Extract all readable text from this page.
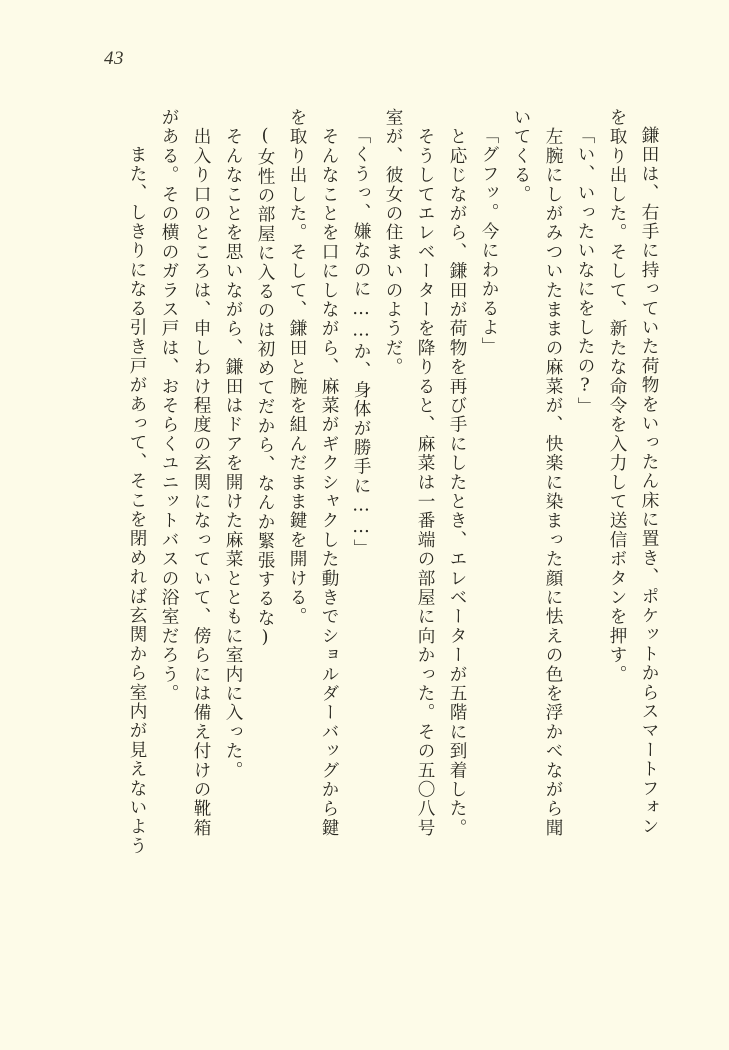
43
鎌田は、右手に持っていた荷物をいったん床に置き、ポケットからスマートフォン
を取り出した。そして、新たな命令を入力して送信ボタンを押す。
「い、いったいなにをしたの?」
　左腕にしがみついたままの麻菜が、快楽に染まった顔に怯えの色を浮かべながら聞
いてくる。
「グフッ。今にわかるよ」
　と応じながら、鎌田が荷物を再び手にしたとき、エレベーターが五階に到着した。
　そうしてエレベーターを降りると、麻菜は一番端の部屋に向かった。その五〇八号
室が、彼女の住まいのようだ。
「くうっ、嫌なのに……か、身体が勝手に……」
　そんなことを口にしながら、麻菜がギクシャクした動きでショルダーバッグから鍵
を取り出した。そして、鎌田と腕を組んだまま鍵を開ける。
(女性の部屋に入るのは初めてだから、なんか緊張するな)
　そんなことを思いながら、鎌田はドアを開けた麻菜とともに室内に入った。
　出入り口のところは、申しわけ程度の玄関になっていて、傍らには備え付けの靴箱
がある。その横のガラス戸は、おそらくユニットバスの浴室だろう。
　また、しきりになる引き戸があって、そこを閉めれば玄関から室内が見えないよう
